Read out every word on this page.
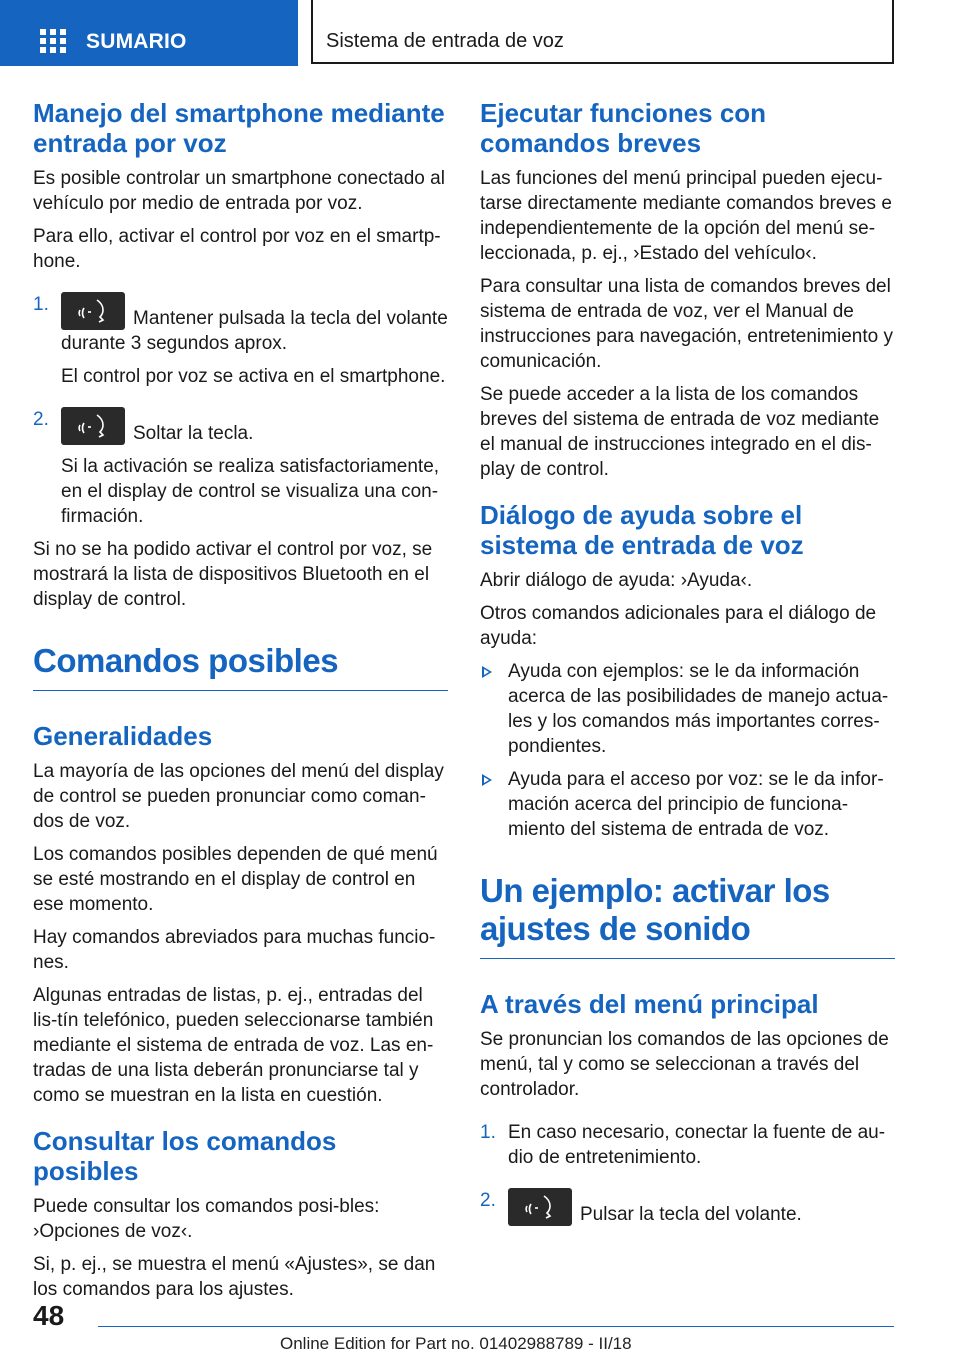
SUMARIO	Sistema de entrada de voz
Manejo del smartphone mediante entrada por voz

Es posible controlar un smartphone conectado al vehículo por medio de entrada por voz.

Para ello, activar el control por voz en el smartp‐hone.

1.

Mantener pulsada la tecla del volante durante 3 segundos aprox.

El control por voz se activa en el smartphone.

2.

Soltar la tecla.

Si la activación se realiza satisfactoriamente, en el display de control se visualiza una con‐firmación.

Si no se ha podido activar el control por voz, se mostrará la lista de dispositivos Bluetooth en el display de control.

Comandos posibles
Generalidades

La mayoría de las opciones del menú del display de control se pueden pronunciar como coman‐dos de voz.

Los comandos posibles dependen de qué menú se esté mostrando en el display de control en ese momento.

Hay comandos abreviados para muchas funcio‐nes.

Algunas entradas de listas, p. ej., entradas del lis‐tín telefónico, pueden seleccionarse también mediante el sistema de entrada de voz. Las en‐tradas de una lista deberán pronunciarse tal y como se muestran en la lista en cuestión.

Consultar los comandos posibles

Puede consultar los comandos posi‐bles: ›Opciones de voz‹.

Si, p. ej., se muestra el menú «Ajustes», se dan los comandos para los ajustes.

Ejecutar funciones con comandos breves

Las funciones del menú principal pueden ejecu‐tarse directamente mediante comandos breves e independientemente de la opción del menú se‐leccionada, p. ej., ›Estado del vehículo‹.

Para consultar una lista de comandos breves del sistema de entrada de voz, ver el Manual de instrucciones para navegación, entretenimiento y comunicación.

Se puede acceder a la lista de los comandos breves del sistema de entrada de voz mediante el manual de instrucciones integrado en el dis‐play de control.

Diálogo de ayuda sobre el sistema de entrada de voz

Abrir diálogo de ayuda: ›Ayuda‹.

Otros comandos adicionales para el diálogo de ayuda:

Ayuda con ejemplos: se le da información acerca de las posibilidades de manejo actua‐les y los comandos más importantes corres‐pondientes.

Ayuda para el acceso por voz: se le da infor‐mación acerca del principio de funciona‐miento del sistema de entrada de voz.

Un ejemplo: activar los ajustes de sonido
A través del menú principal

Se pronuncian los comandos de las opciones de menú, tal y como se seleccionan a través del controlador.

1. En caso necesario, conectar la fuente de au‐dio de entretenimiento.

2.

Pulsar la tecla del volante.

48
Online Edition for Part no. 01402988789 - II/18
